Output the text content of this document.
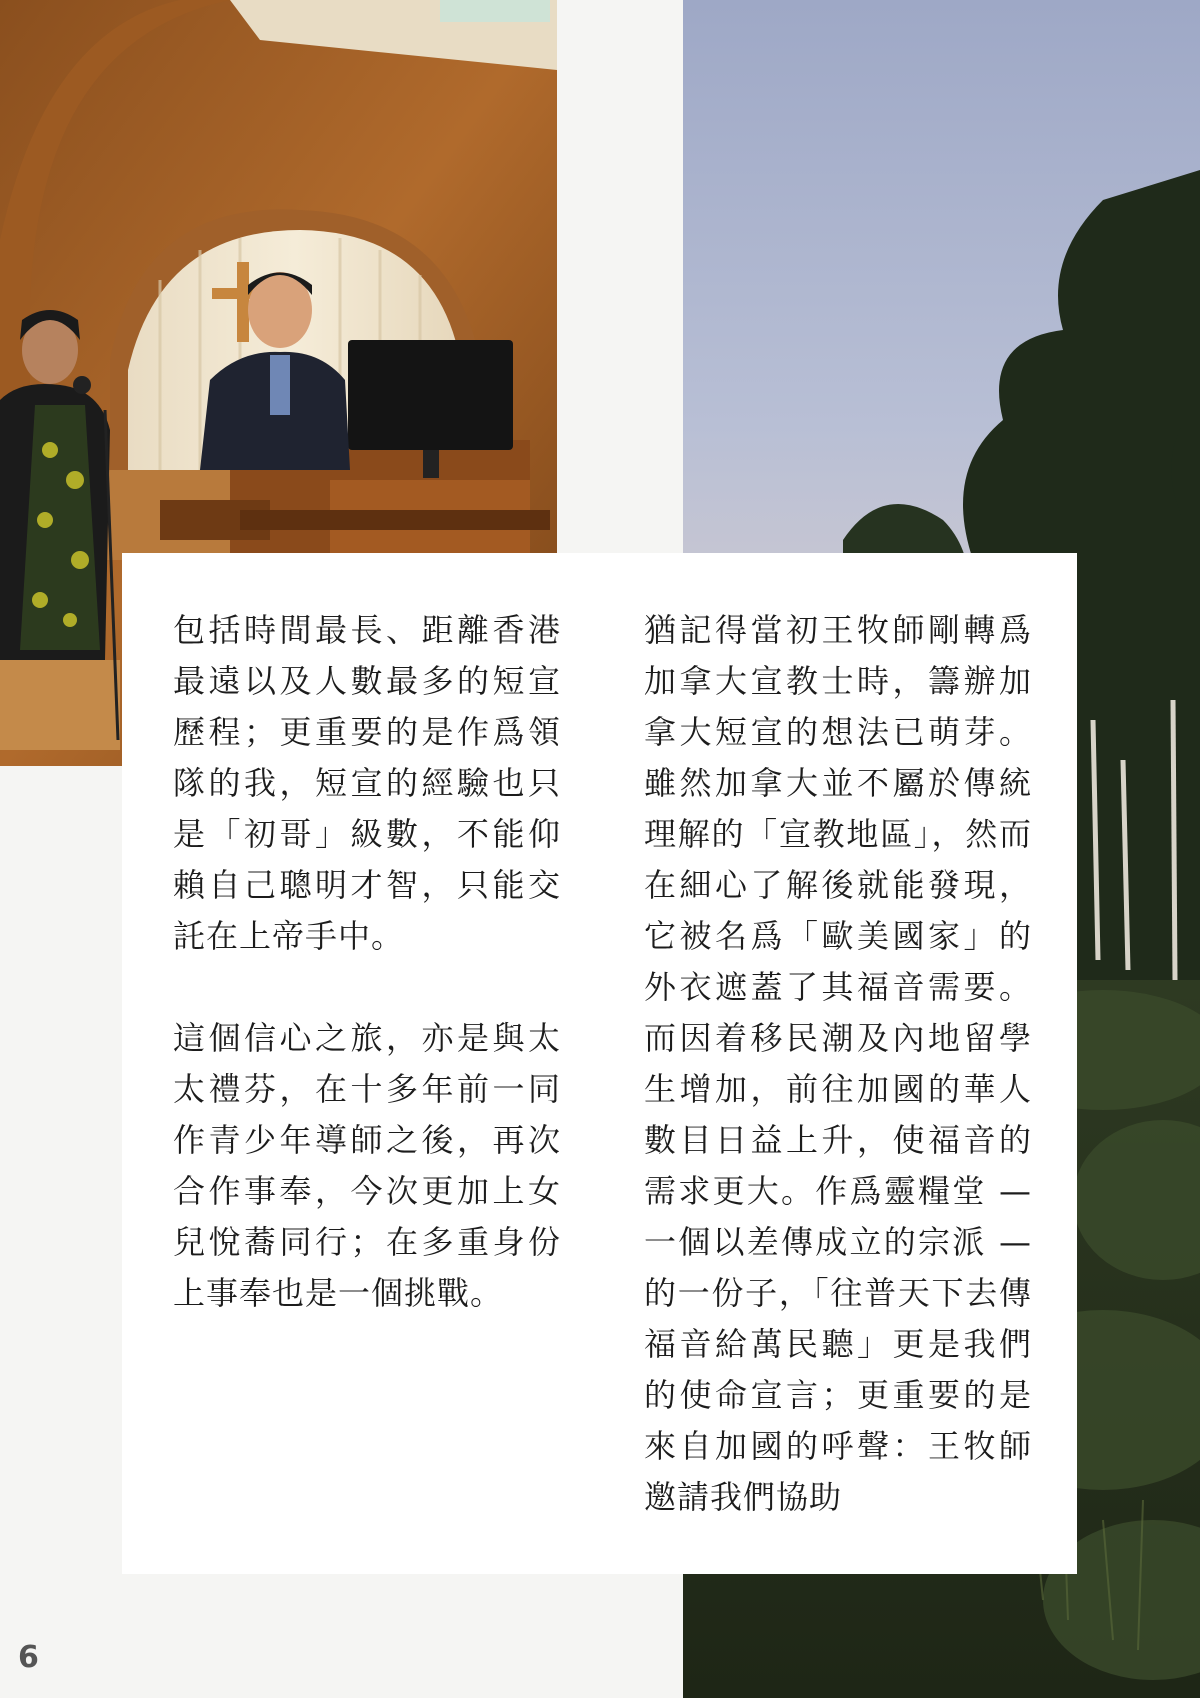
包括時間最長、距離香港最遠以及人數最多的短宣歷程；更重要的是作爲領隊的我，短宣的經驗也只是「初哥」級數，不能仰賴自己聰明才智，只能交託在上帝手中。

這個信心之旅，亦是與太太禮芬，在十多年前一同作青少年導師之後，再次合作事奉，今次更加上女兒悅蕎同行；在多重身份上事奉也是一個挑戰。

猶記得當初王牧師剛轉爲加拿大宣教士時，籌辦加拿大短宣的想法已萌芽。雖然加拿大並不屬於傳統理解的「宣教地區」，然而在細心了解後就能發現，它被名爲「歐美國家」的外衣遮蓋了其福音需要。而因着移民潮及內地留學生增加，前往加國的華人數目日益上升，使福音的需求更大。作爲靈糧堂 — 一個以差傳成立的宗派 — 的一份子，「往普天下去傳福音給萬民聽」更是我們的使命宣言；更重要的是來自加國的呼聲：王牧師邀請我們協助

6
